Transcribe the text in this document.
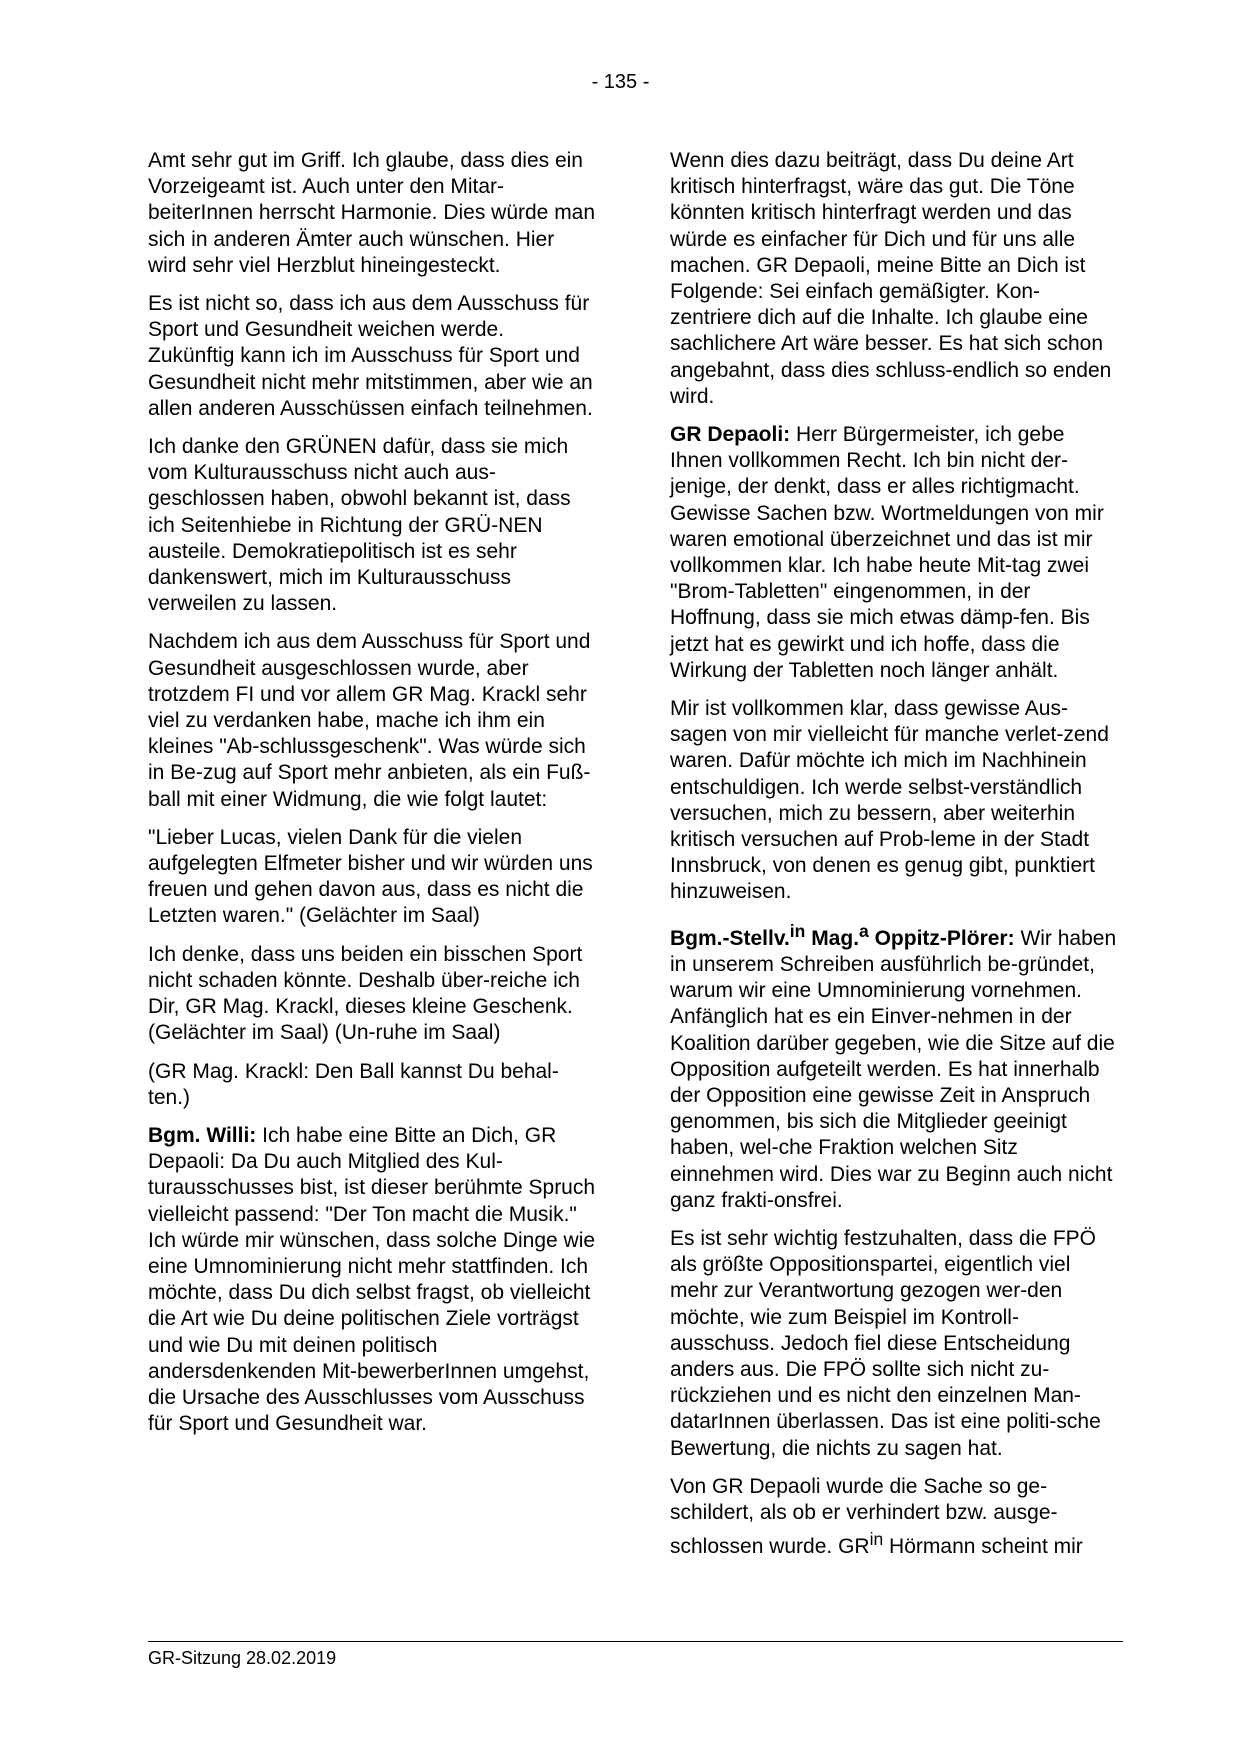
- 135 -

Amt sehr gut im Griff. Ich glaube, dass dies ein Vorzeigeamt ist. Auch unter den Mitar-beiterInnen herrscht Harmonie. Dies würde man sich in anderen Ämter auch wünschen. Hier wird sehr viel Herzblut hineingesteckt.

Es ist nicht so, dass ich aus dem Ausschuss für Sport und Gesundheit weichen werde. Zukünftig kann ich im Ausschuss für Sport und Gesundheit nicht mehr mitstimmen, aber wie an allen anderen Ausschüssen einfach teilnehmen.

Ich danke den GRÜNEN dafür, dass sie mich vom Kulturausschuss nicht auch aus-geschlossen haben, obwohl bekannt ist, dass ich Seitenhiebe in Richtung der GRÜ-NEN austeile. Demokratiepolitisch ist es sehr dankenswert, mich im Kulturausschuss verweilen zu lassen.

Nachdem ich aus dem Ausschuss für Sport und Gesundheit ausgeschlossen wurde, aber trotzdem FI und vor allem GR Mag. Krackl sehr viel zu verdanken habe, mache ich ihm ein kleines "Ab-schlussgeschenk". Was würde sich in Be-zug auf Sport mehr anbieten, als ein Fuß-ball mit einer Widmung, die wie folgt lautet:

"Lieber Lucas, vielen Dank für die vielen aufgelegten Elfmeter bisher und wir würden uns freuen und gehen davon aus, dass es nicht die Letzten waren." (Gelächter im Saal)

Ich denke, dass uns beiden ein bisschen Sport nicht schaden könnte. Deshalb über-reiche ich Dir, GR Mag. Krackl, dieses kleine Geschenk. (Gelächter im Saal) (Un-ruhe im Saal)

(GR Mag. Krackl: Den Ball kannst Du behal-ten.)

Bgm. Willi: Ich habe eine Bitte an Dich, GR Depaoli: Da Du auch Mitglied des Kul-turausschusses bist, ist dieser berühmte Spruch vielleicht passend: "Der Ton macht die Musik." Ich würde mir wünschen, dass solche Dinge wie eine Umnominierung nicht mehr stattfinden. Ich möchte, dass Du dich selbst fragst, ob vielleicht die Art wie Du deine politischen Ziele vorträgst und wie Du mit deinen politisch andersdenkenden Mit-bewerberInnen umgehst, die Ursache des Ausschlusses vom Ausschuss für Sport und Gesundheit war.

Wenn dies dazu beiträgt, dass Du deine Art kritisch hinterfragst, wäre das gut. Die Töne könnten kritisch hinterfragt werden und das würde es einfacher für Dich und für uns alle machen. GR Depaoli, meine Bitte an Dich ist Folgende: Sei einfach gemäßigter. Kon-zentriere dich auf die Inhalte. Ich glaube eine sachlichere Art wäre besser. Es hat sich schon angebahnt, dass dies schluss-endlich so enden wird.

GR Depaoli: Herr Bürgermeister, ich gebe Ihnen vollkommen Recht. Ich bin nicht der-jenige, der denkt, dass er alles richtigmacht. Gewisse Sachen bzw. Wortmeldungen von mir waren emotional überzeichnet und das ist mir vollkommen klar. Ich habe heute Mit-tag zwei "Brom-Tabletten" eingenommen, in der Hoffnung, dass sie mich etwas dämp-fen. Bis jetzt hat es gewirkt und ich hoffe, dass die Wirkung der Tabletten noch länger anhält.

Mir ist vollkommen klar, dass gewisse Aus-sagen von mir vielleicht für manche verlet-zend waren. Dafür möchte ich mich im Nachhinein entschuldigen. Ich werde selbst-verständlich versuchen, mich zu bessern, aber weiterhin kritisch versuchen auf Prob-leme in der Stadt Innsbruck, von denen es genug gibt, punktiert hinzuweisen.

Bgm.-Stellv.$^{in}$ Mag.$^a$ Oppitz-Plörer: Wir haben in unserem Schreiben ausführlich be-gründet, warum wir eine Umnominierung vornehmen. Anfänglich hat es ein Einver-nehmen in der Koalition darüber gegeben, wie die Sitze auf die Opposition aufgeteilt werden. Es hat innerhalb der Opposition eine gewisse Zeit in Anspruch genommen, bis sich die Mitglieder geeinigt haben, wel-che Fraktion welchen Sitz einnehmen wird. Dies war zu Beginn auch nicht ganz frakti-onsfrei.

Es ist sehr wichtig festzuhalten, dass die FPÖ als größte Oppositionspartei, eigentlich viel mehr zur Verantwortung gezogen wer-den möchte, wie zum Beispiel im Kontroll-ausschuss. Jedoch fiel diese Entscheidung anders aus. Die FPÖ sollte sich nicht zu-rückziehen und es nicht den einzelnen Man-datarInnen überlassen. Das ist eine politi-sche Bewertung, die nichts zu sagen hat.

Von GR Depaoli wurde die Sache so ge-schildert, als ob er verhindert bzw. ausge-schlossen wurde. $GR^{in}$ Hörmann scheint mir

GR-Sitzung 28.02.2019
